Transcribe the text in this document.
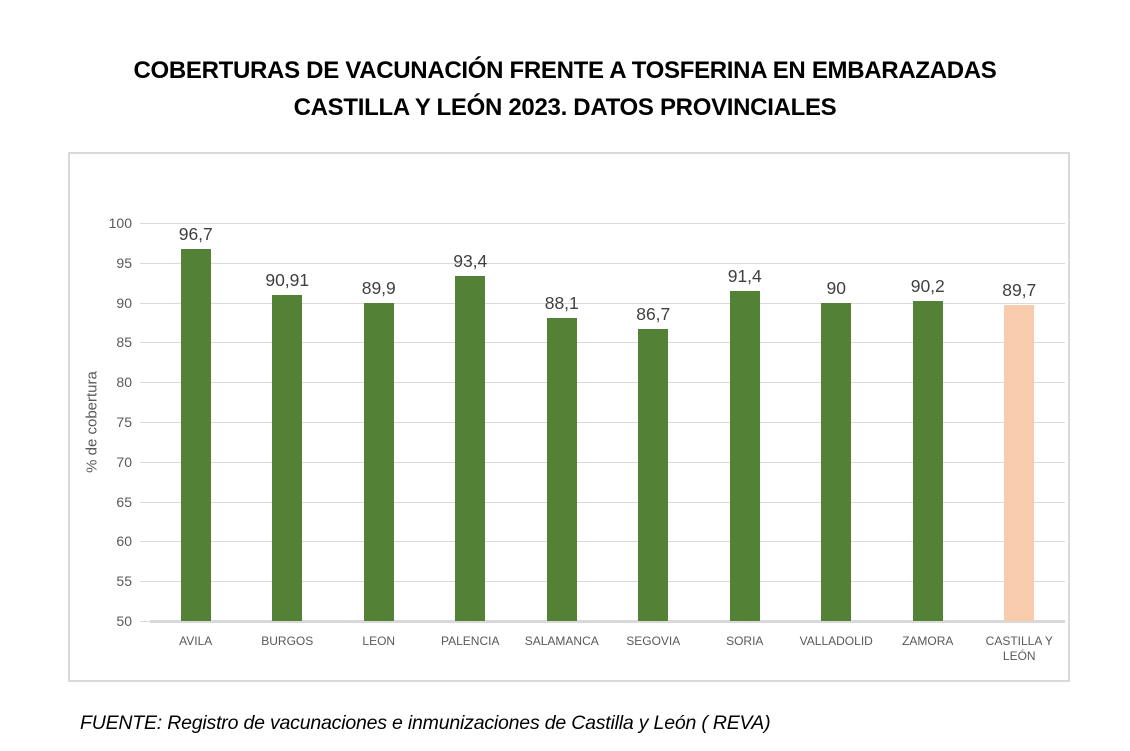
COBERTURAS DE VACUNACIÓN FRENTE A TOSFERINA EN EMBARAZADAS
CASTILLA Y LEÓN 2023. DATOS PROVINCIALES
% de cobertura
50
55
60
65
70
75
80
85
90
95
100
96,7
AVILA
90,91
BURGOS
89,9
LEON
93,4
PALENCIA
88,1
SALAMANCA
86,7
SEGOVIA
91,4
SORIA
90
VALLADOLID
90,2
ZAMORA
89,7
CASTILLA Y LEÓN
FUENTE: Registro de vacunaciones e inmunizaciones de Castilla y León ( REVA)
